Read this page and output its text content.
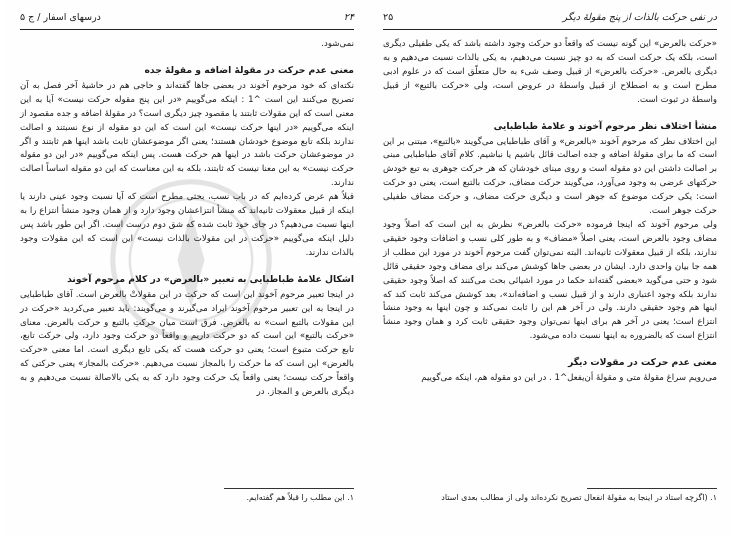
در نفی حرکت بالذات از پنج مقولۀ دیگر
۲۵

«حرکت بالعرض» این گونه نیست که واقعاً دو حرکت وجود داشته باشد که یکی طفیلی دیگری است، بلکه یک حرکت است که به دو چیز نسبت می‌دهیم، به یکی بالذات نسبت می‌دهیم و به دیگری بالعرض. «حرکت بالعرض» از قبیل وصف شیء به حال متعلّق است که در علوم ادبی مطرح است و به اصطلاح از قبیل واسطۀ در عروض است، ولی «حرکت بالتبع» از قبیل واسطۀ در ثبوت است.

منشأ اختلاف نظر مرحوم آخوند و علامۀ طباطبایی

این اختلاف نظر که مرحوم آخوند «بالعرض» و آقای طباطبایی می‌گویند «بالتبع»، مبتنی بر این است که ما برای مقولۀ اضافه و جده اصالت قائل باشیم یا نباشیم. کلام آقای طباطبایی مبنی بر اصالت داشتن این دو مقوله است و روی مبنای خودشان که هر حرکت جوهری به تبع خودش حرکتهای عرضی به وجود می‌آورد، می‌گویند حرکت مضاف، حرکت بالتبع است، یعنی دو حرکت است: یکی حرکت موضوع که جوهر است و دیگری حرکت مضاف، و حرکت مضاف طفیلی حرکت جوهر است.

ولی مرحوم آخوند که اینجا فرموده «حرکت بالعرض» نظرش به این است که اصلاً وجود مضاف وجود بالعرض است، یعنی اصلاً «مضاف» و به طور کلی نسب و اضافات وجود حقیقی ندارند، بلکه از قبیل معقولات ثانیه‌اند. البته نمی‌توان گفت مرحوم آخوند در مورد این مطلب از همه جا بیان واحدی دارد. ایشان در بعضی جاها کوشش می‌کند برای مضاف وجود حقیقی قائل شود و حتی می‌گوید «بعضی گفته‌اند حکما در مورد اشیائی بحث می‌کنند که اصلاً وجود حقیقی ندارند بلکه وجود اعتباری دارند و از قبیل نسب و اضافه‌اند»، بعد کوشش می‌کند ثابت کند که اینها هم وجود حقیقی دارند. ولی در آخر هم این را ثابت نمی‌کند و چون اینها به وجود منشأ انتزاع است؛ یعنی در آخر هم برای اینها نمی‌توان وجود حقیقی ثابت کرد و همان وجود منشأ انتزاع است که بالضروره به اینها نسبت داده می‌شود.

معنی عدم حرکت در مقولات دیگر

می‌رویم سراغ مقولۀ متی و مقولۀ أن‌یفعل^1 . در این دو مقوله هم، اینکه می‌گوییم

۱. (اگرچه استاد در اینجا به مقولۀ انفعال تصریح نکرده‌اند ولی از مطالب بعدی استاد
۲۴
درسهای اسفار / ج ۵

نمی‌شود.

معنی عدم حرکت در مقولۀ اضافه و مقولۀ جده

نکته‌ای که خود مرحوم آخوند در بعضی جاها گفته‌اند و حاجی هم در حاشیۀ آخر فصل به آن تصریح می‌کنند این است ^1 : اینکه می‌گوییم «در این پنج مقوله حرکت نیست» آیا به این معنی است که این مقولات ثابتند یا مقصود چیز دیگری است؟ در مقولۀ اضافه و جده مقصود از اینکه می‌گوییم «در اینها حرکت نیست» این است که این دو مقوله از نوع نسبتند و اصالت ندارند بلکه تابع موضوع خودشان هستند؛ یعنی اگر موضوعشان ثابت باشد اینها هم ثابتند و اگر در موضوعشان حرکت باشد در اینها هم حرکت هست. پس اینکه می‌گوییم «در این دو مقوله حرکت نیست» به این معنا نیست که ثابتند، بلکه به این معناست که این دو مقوله اساساً اصالت ندارند.

قبلاً هم عرض کرده‌ایم که در باب نسب، بحثی مطرح است که آیا نسبت وجود عینی دارند یا اینکه از قبیل معقولات ثانیه‌اند که منشأ انتزاعشان وجود دارد و از همان وجود منشأ انتزاع را به اینها نسبت می‌دهیم؟ در جای خود ثابت شده که شق دوم درست است. اگر این طور باشد پس دلیل اینکه می‌گوییم «حرکت در این مقولات بالذات نیست» این است که این مقولات وجود بالذات ندارند.

اشکال علامۀ طباطبایی به تعبیر «بالعرض» در کلام مرحوم آخوند

در اینجا تعبیر مرحوم آخوند این است که حرکت در این مقولاتْ بالعرض است. آقای طباطبایی در اینجا به این تعبیر مرحوم آخوند ایراد می‌گیرند و می‌گویند: باید تعبیر می‌کردید «حرکت در این مقولات بالتبع است» نه بالعرض. فرق است میان حرکتِ بالتبع و حرکت بالعرض. معنای «حرکت بالتبع» این است که دو حرکت داریم و واقعاً دو حرکت وجود دارد، ولی حرکت تابع، تابع حرکت متبوع است؛ یعنی دو حرکت هست که یکی تابع دیگری است. اما معنی «حرکت بالعرض» این است که ما حرکت را بالمجاز نسبت می‌دهیم. «حرکت بالمجاز» یعنی حرکتی که واقعاً حرکت نیست؛ یعنی واقعاً یک حرکت وجود دارد که به یکی بالاصالة نسبت می‌دهیم و به دیگری بالعرض و المجاز. در

۱. این مطلب را قبلاً هم گفته‌ایم.
